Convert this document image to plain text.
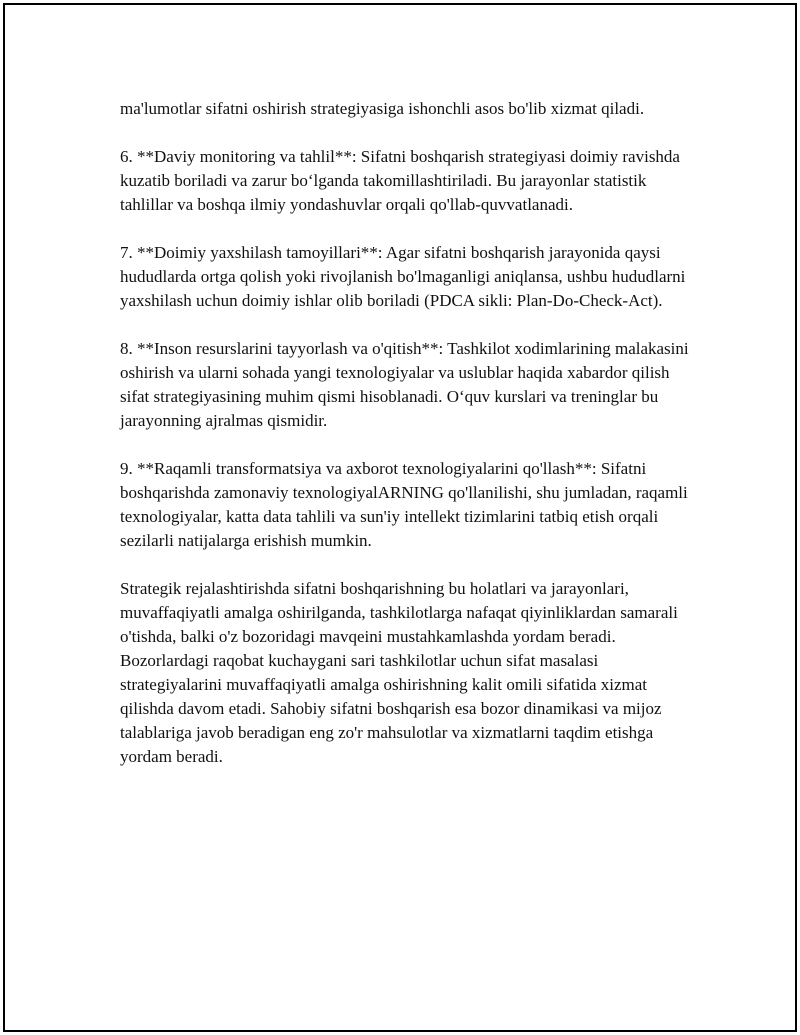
ma'lumotlar sifatni oshirish strategiyasiga ishonchli asos bo'lib xizmat qiladi.

6. **Daviy monitoring va tahlil**: Sifatni boshqarish strategiyasi doimiy ravishda kuzatib boriladi va zarur bo‘lganda takomillashtiriladi. Bu jarayonlar statistik tahlillar va boshqa ilmiy yondashuvlar orqali qo'llab-quvvatlanadi.

7. **Doimiy yaxshilash tamoyillari**: Agar sifatni boshqarish jarayonida qaysi hududlarda ortga qolish yoki rivojlanish bo'lmaganligi aniqlansa, ushbu hududlarni yaxshilash uchun doimiy ishlar olib boriladi (PDCA sikli: Plan-Do-Check-Act).

8. **Inson resurslarini tayyorlash va o'qitish**: Tashkilot xodimlarining malakasini oshirish va ularni sohada yangi texnologiyalar va uslublar haqida xabardor qilish sifat strategiyasining muhim qismi hisoblanadi. O‘quv kurslari va treninglar bu jarayonning ajralmas qismidir.

9. **Raqamli transformatsiya va axborot texnologiyalarini qo'llash**: Sifatni boshqarishda zamonaviy texnologiyalARNING qo'llanilishi, shu jumladan, raqamli texnologiyalar, katta data tahlili va sun'iy intellekt tizimlarini tatbiq etish orqali sezilarli natijalarga erishish mumkin.

Strategik rejalashtirishda sifatni boshqarishning bu holatlari va jarayonlari, muvaffaqiyatli amalga oshirilganda, tashkilotlarga nafaqat qiyinliklardan samarali o'tishda, balki o'z bozoridagi mavqeini mustahkamlashda yordam beradi. Bozorlardagi raqobat kuchaygani sari tashkilotlar uchun sifat masalasi strategiyalarini muvaffaqiyatli amalga oshirishning kalit omili sifatida xizmat qilishda davom etadi. Sahobiy sifatni boshqarish esa bozor dinamikasi va mijoz talablariga javob beradigan eng zo'r mahsulotlar va xizmatlarni taqdim etishga yordam beradi.
